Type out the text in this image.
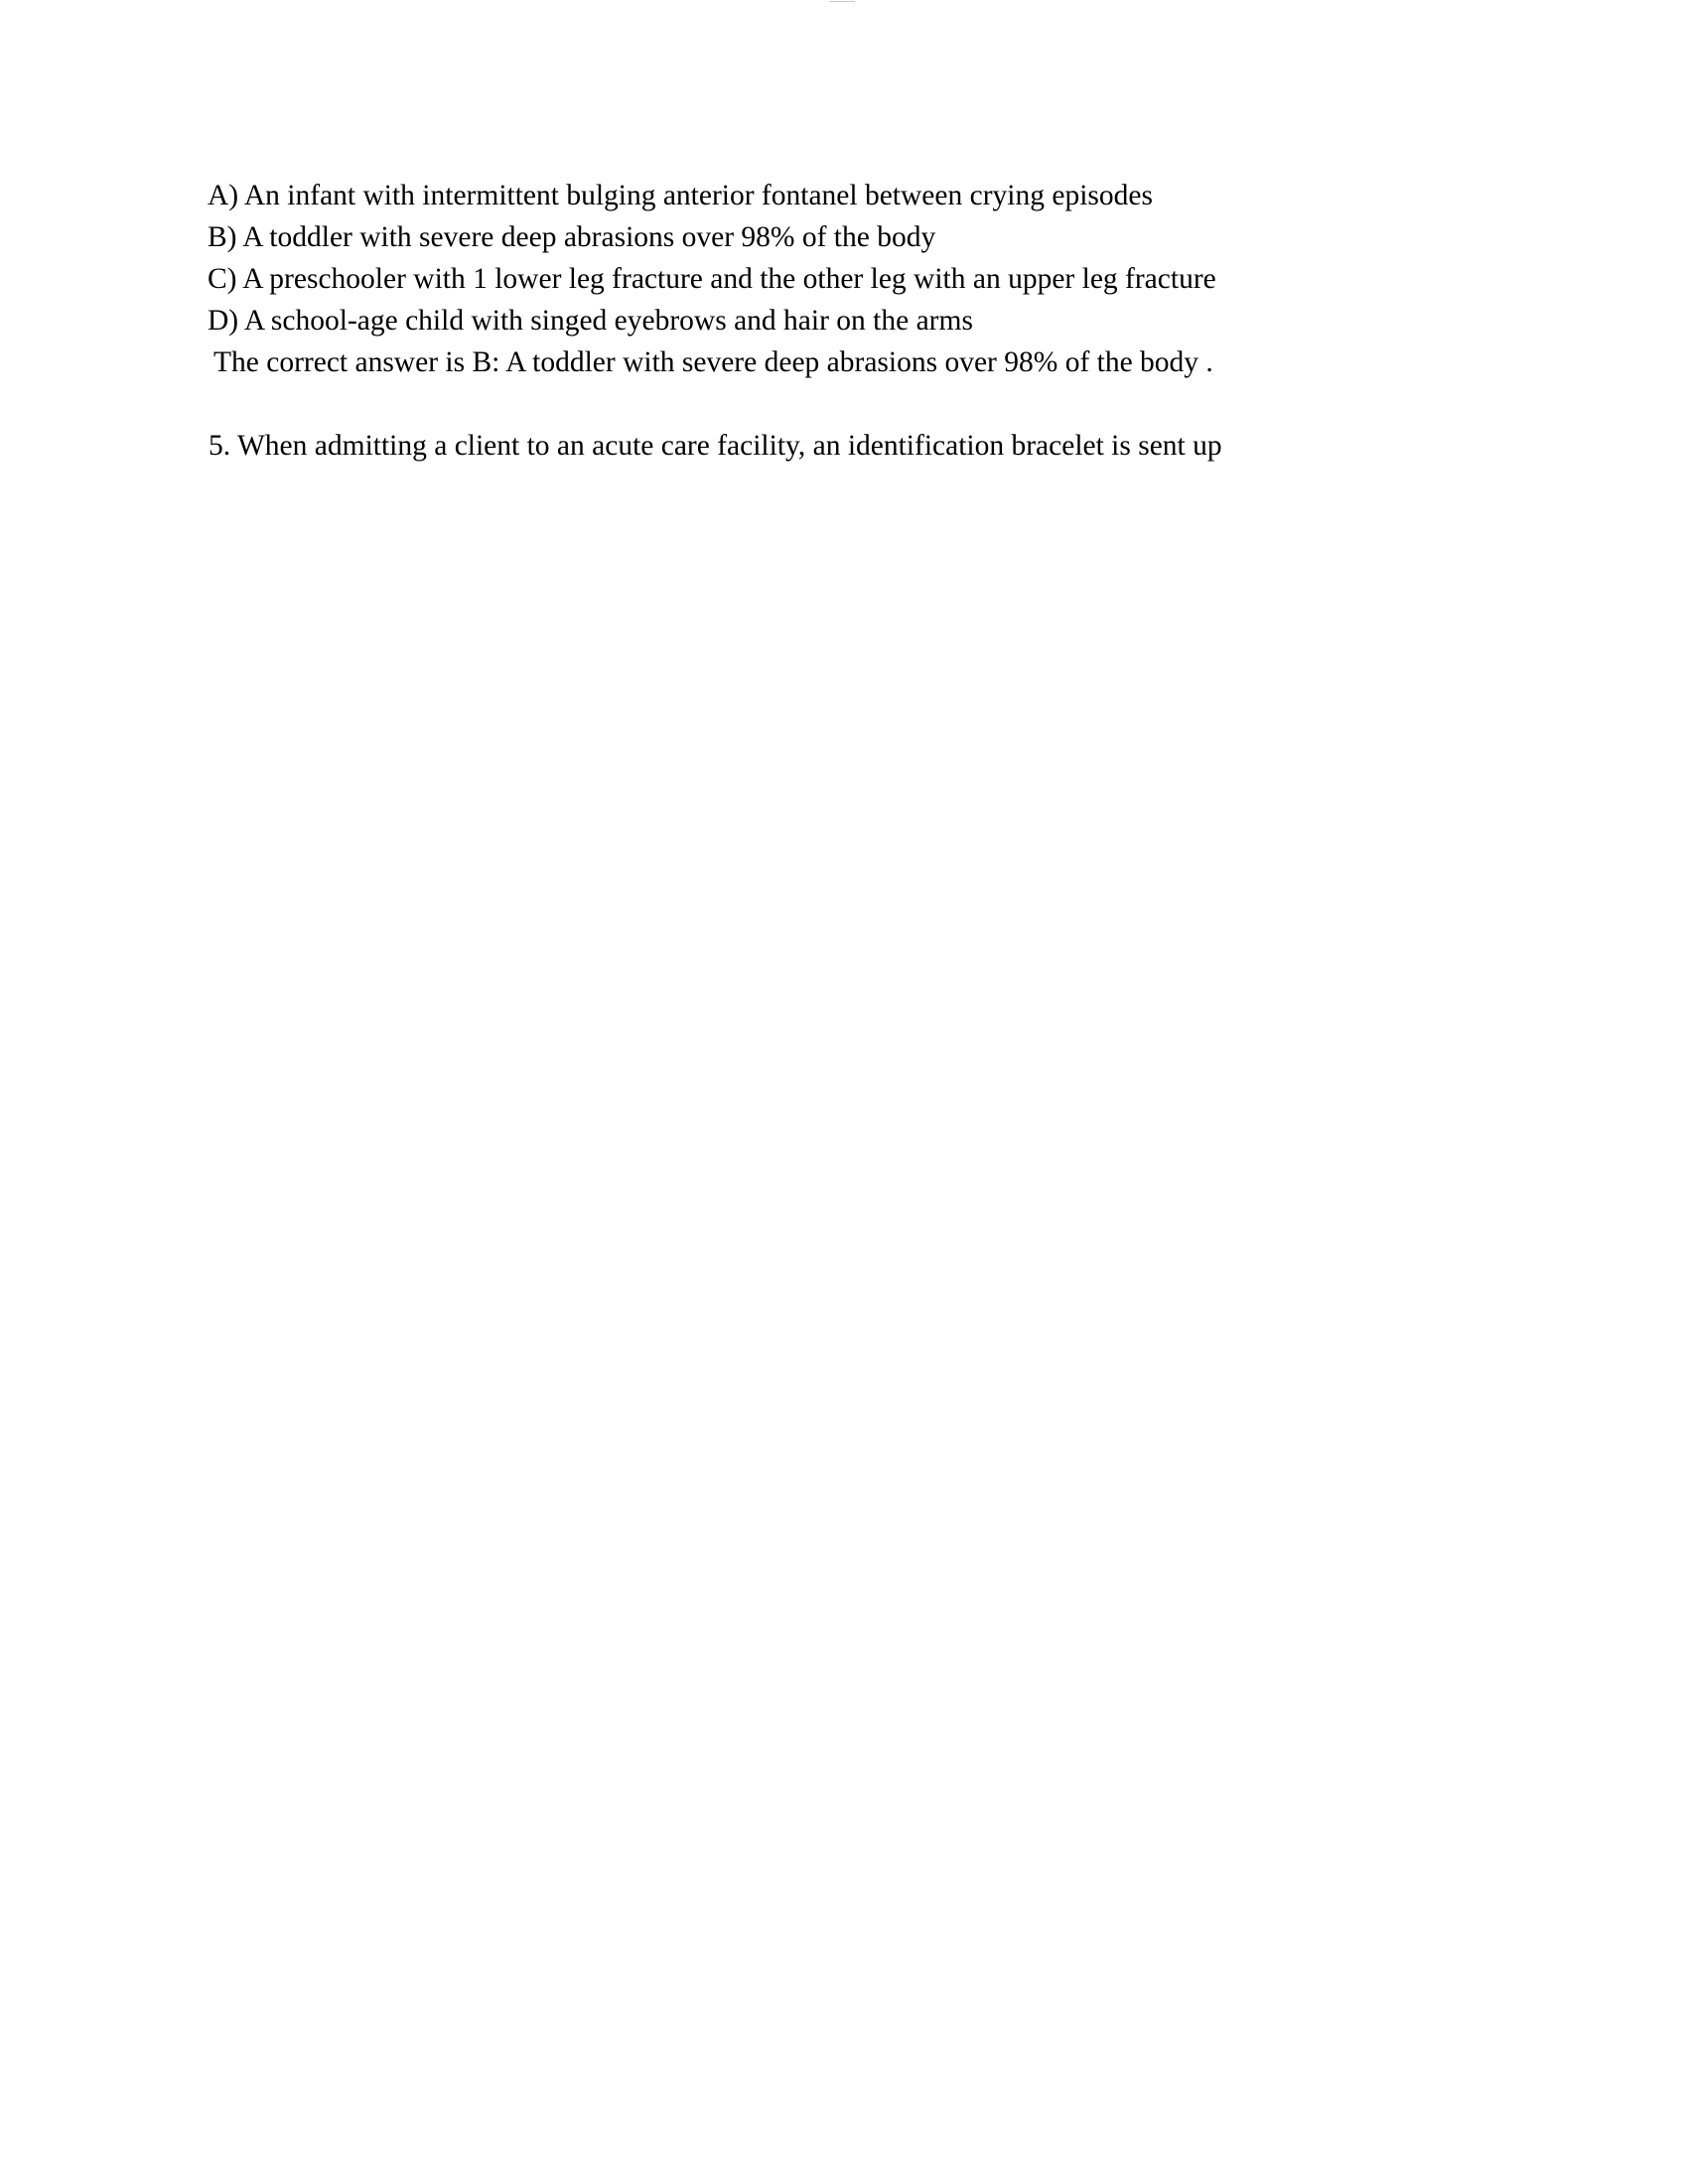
¯¯¯¯¯
A) An infant with intermittent bulging anterior fontanel between crying episodes
B) A toddler with severe deep abrasions over 98% of the body
C) A preschooler with 1 lower leg fracture and the other leg with an upper leg fracture
D) A school-age child with singed eyebrows and hair on the arms
The correct answer is B: A toddler with severe deep abrasions over 98% of the body .
5. When admitting a client to an acute care facility, an identification bracelet is sent up
